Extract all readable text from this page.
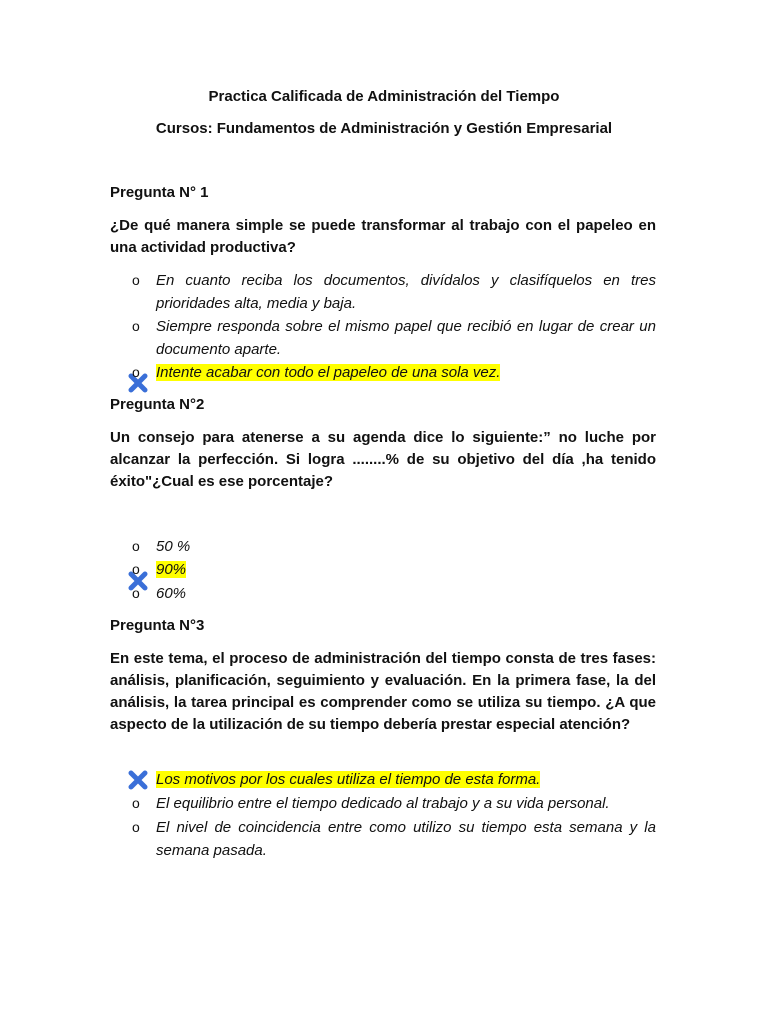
Practica Calificada de Administración del Tiempo
Cursos: Fundamentos de Administración y Gestión Empresarial
Pregunta N° 1
¿De qué manera simple se puede transformar al trabajo con el papeleo en una actividad productiva?
o En cuanto reciba los documentos, divídalos y clasifíquelos en tres prioridades alta, media y baja.
o Siempre responda sobre el mismo papel que recibió en lugar de crear un documento aparte.
o Intente acabar con todo el papeleo de una sola vez.
Pregunta N°2
Un consejo para atenerse a su agenda dice lo siguiente:” no luche por alcanzar la perfección. Si logra ........% de su objetivo del día ,ha tenido éxito"¿Cual es ese porcentaje?
o 50 %
o 90%
o 60%
Pregunta N°3
En este tema, el proceso de administración del tiempo consta de tres fases: análisis, planificación, seguimiento y evaluación. En la primera fase, la del análisis, la tarea principal es comprender como se utiliza su tiempo. ¿A que aspecto de la utilización de su tiempo debería prestar especial atención?
Los motivos por los cuales utiliza el tiempo de esta forma.
o El equilibrio entre el tiempo dedicado al trabajo y a su vida personal.
o El nivel de coincidencia entre como utilizo su tiempo esta semana y la semana pasada.
